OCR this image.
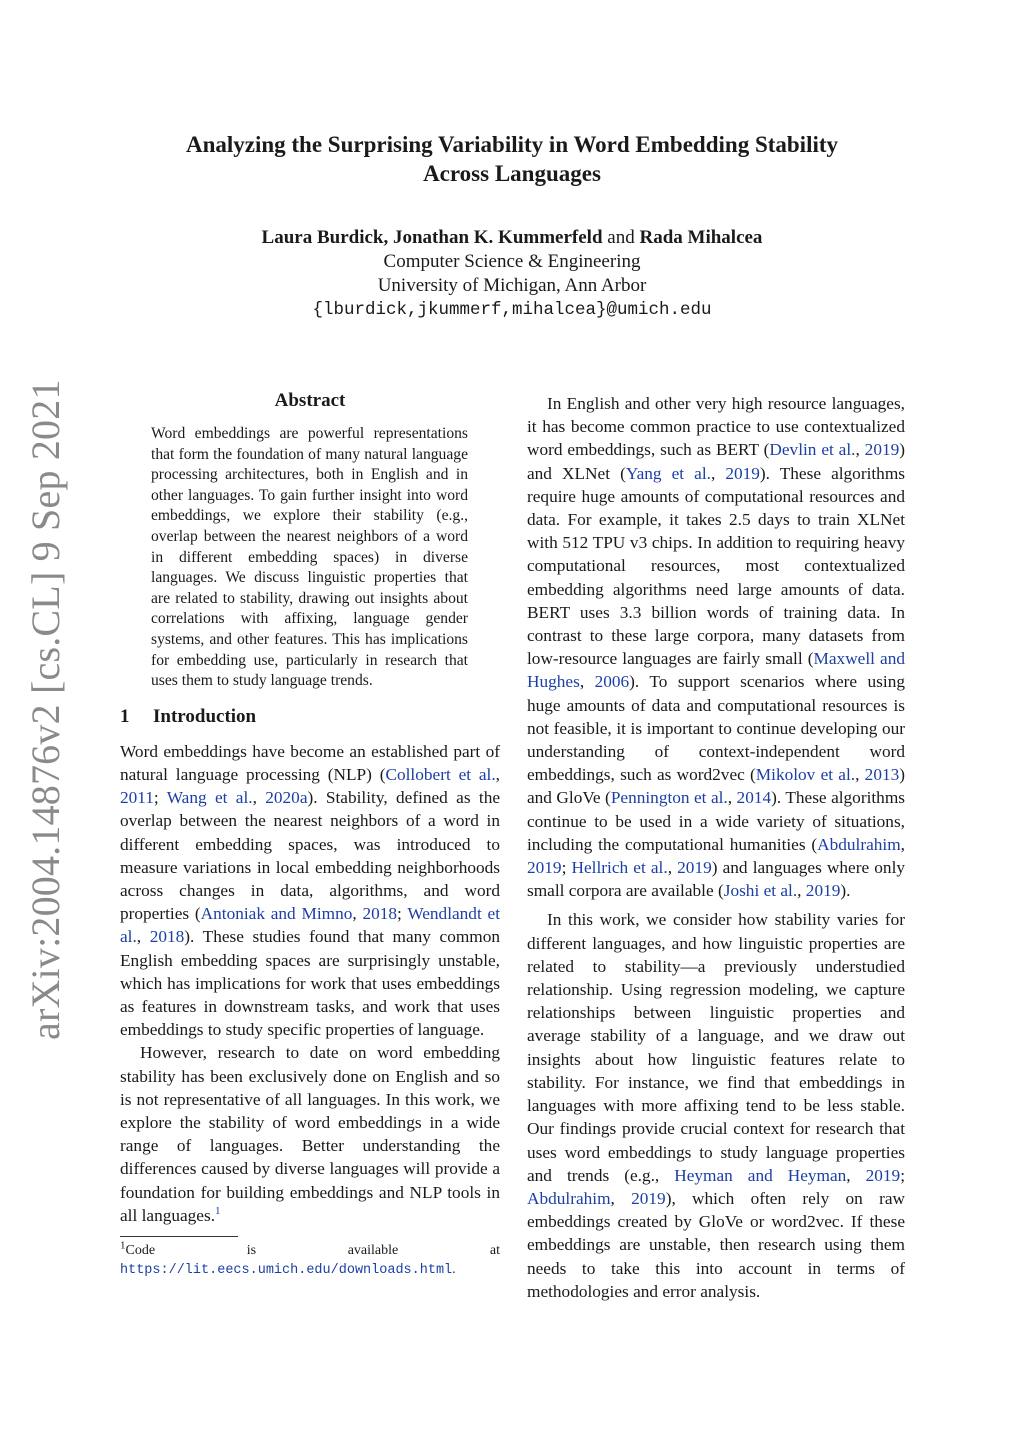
arXiv:2004.14876v2 [cs.CL] 9 Sep 2021
Analyzing the Surprising Variability in Word Embedding Stability
Across Languages
Laura Burdick, Jonathan K. Kummerfeld and Rada Mihalcea
Computer Science & Engineering
University of Michigan, Ann Arbor
{lburdick,jkummerf,mihalcea}@umich.edu
Abstract
Word embeddings are powerful representations that form the foundation of many natural language processing architectures, both in English and in other languages. To gain further insight into word embeddings, we explore their stability (e.g., overlap between the nearest neighbors of a word in different embedding spaces) in diverse languages. We discuss linguistic properties that are related to stability, drawing out insights about correlations with affixing, language gender systems, and other features. This has implications for embedding use, particularly in research that uses them to study language trends.
1 Introduction

Word embeddings have become an established part of natural language processing (NLP) (Collobert et al., 2011; Wang et al., 2020a). Stability, defined as the overlap between the nearest neighbors of a word in different embedding spaces, was introduced to measure variations in local embedding neighborhoods across changes in data, algorithms, and word properties (Antoniak and Mimno, 2018; Wendlandt et al., 2018). These studies found that many common English embedding spaces are surprisingly unstable, which has implications for work that uses embeddings as features in downstream tasks, and work that uses embeddings to study specific properties of language.

However, research to date on word embedding stability has been exclusively done on English and so is not representative of all languages. In this work, we explore the stability of word embeddings in a wide range of languages. Better understanding the differences caused by diverse languages will provide a foundation for building embeddings and NLP tools in all languages.$^1$

$^1$Code is available at https://lit.eecs.umich.edu/downloads.html.

In English and other very high resource languages, it has become common practice to use contextualized word embeddings, such as BERT (Devlin et al., 2019) and XLNet (Yang et al., 2019). These algorithms require huge amounts of computational resources and data. For example, it takes 2.5 days to train XLNet with 512 TPU v3 chips. In addition to requiring heavy computational resources, most contextualized embedding algorithms need large amounts of data. BERT uses 3.3 billion words of training data. In contrast to these large corpora, many datasets from low-resource languages are fairly small (Maxwell and Hughes, 2006). To support scenarios where using huge amounts of data and computational resources is not feasible, it is important to continue developing our understanding of context-independent word embeddings, such as word2vec (Mikolov et al., 2013) and GloVe (Pennington et al., 2014). These algorithms continue to be used in a wide variety of situations, including the computational humanities (Abdulrahim, 2019; Hellrich et al., 2019) and languages where only small corpora are available (Joshi et al., 2019).

In this work, we consider how stability varies for different languages, and how linguistic properties are related to stability—a previously understudied relationship. Using regression modeling, we capture relationships between linguistic properties and average stability of a language, and we draw out insights about how linguistic features relate to stability. For instance, we find that embeddings in languages with more affixing tend to be less stable. Our findings provide crucial context for research that uses word embeddings to study language properties and trends (e.g., Heyman and Heyman, 2019; Abdulrahim, 2019), which often rely on raw embeddings created by GloVe or word2vec. If these embeddings are unstable, then research using them needs to take this into account in terms of methodologies and error analysis.
